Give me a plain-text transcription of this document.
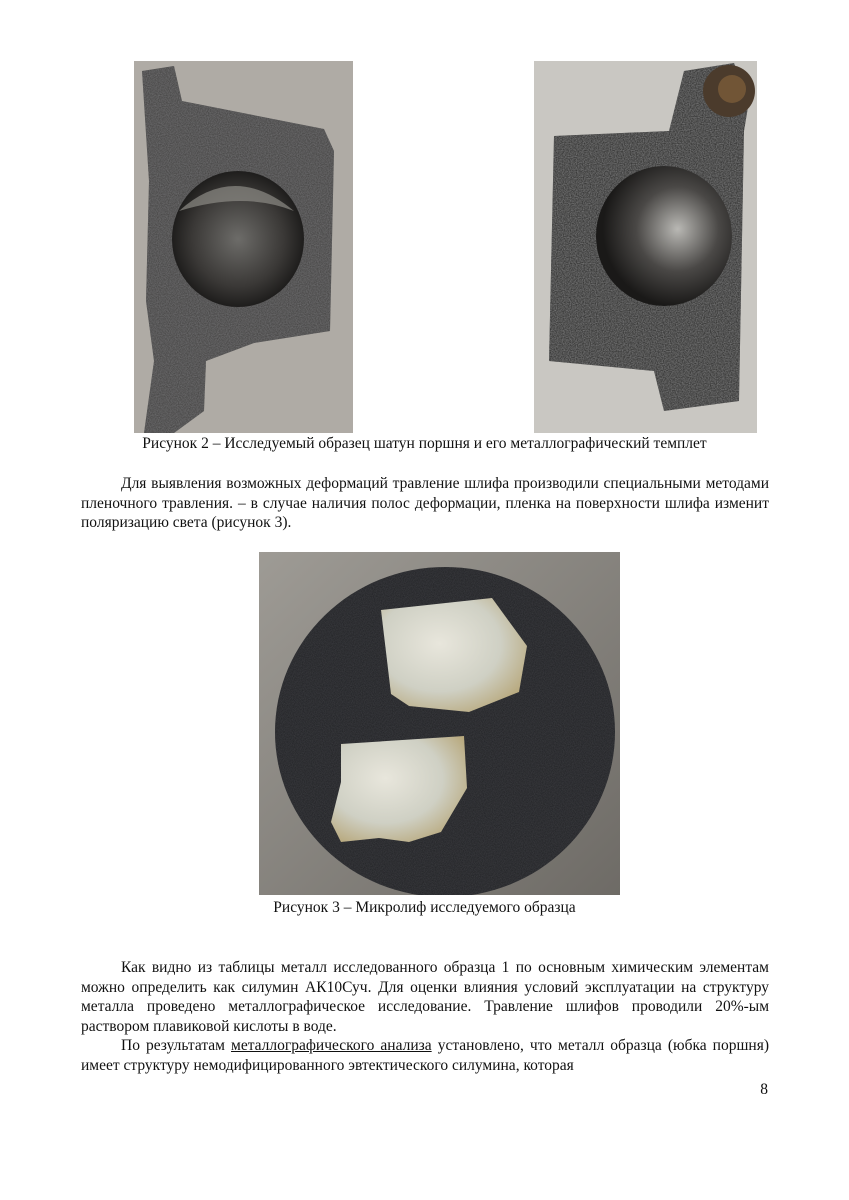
Рисунок 2 – Исследуемый образец шатун поршня и его металлографический темплет

Для выявления возможных деформаций травление шлифа производили специальными методами пленочного травления. – в случае наличия полос деформации, пленка на поверхности шлифа изменит поляризацию света (рисунок 3).

Рисунок 3 – Микролиф исследуемого образца

Как видно из таблицы металл исследованного образца 1 по основным химическим элементам можно определить как силумин АК10Суч. Для оценки влияния условий эксплуатации на структуру металла проведено металлографическое исследование. Травление шлифов проводили 20%-ым раствором плавиковой кислоты в воде.

По результатам металлографического анализа установлено, что металл образца (юбка поршня) имеет структуру немодифицированного эвтектического силумина, которая

8
